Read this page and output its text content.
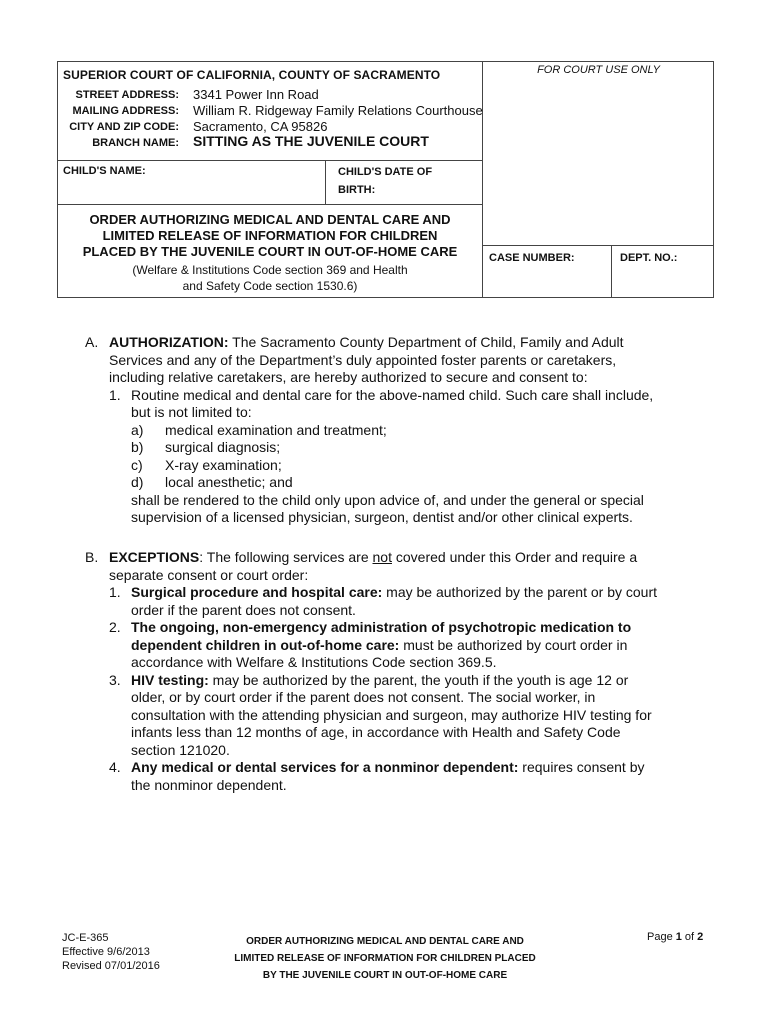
SUPERIOR COURT OF CALIFORNIA, COUNTY OF SACRAMENTO	FOR COURT USE ONLY
STREET ADDRESS: 3341 Power Inn Road
MAILING ADDRESS: William R. Ridgeway Family Relations Courthouse
CITY AND ZIP CODE: Sacramento, CA 95826
BRANCH NAME: SITTING AS THE JUVENILE COURT
CHILD'S NAME:	CHILD'S DATE OF
BIRTH:
ORDER AUTHORIZING MEDICAL AND DENTAL CARE AND
LIMITED RELEASE OF INFORMATION FOR CHILDREN
PLACED BY THE JUVENILE COURT IN OUT-OF-HOME CARE
(Welfare & Institutions Code section 369 and Health
and Safety Code section 1530.6)
CASE NUMBER:	DEPT. NO.:

A. AUTHORIZATION: The Sacramento County Department of Child, Family and Adult

Services and any of the Department’s duly appointed foster parents or caretakers,

including relative caretakers, are hereby authorized to secure and consent to:

1. Routine medical and dental care for the above-named child. Such care shall include,

but is not limited to:

a) medical examination and treatment;

b) surgical diagnosis;

c) X-ray examination;

d) local anesthetic; and

shall be rendered to the child only upon advice of, and under the general or special

supervision of a licensed physician, surgeon, dentist and/or other clinical experts.

B. EXCEPTIONS: The following services are not covered under this Order and require a

separate consent or court order:

1. Surgical procedure and hospital care: may be authorized by the parent or by court

order if the parent does not consent.

2. The ongoing, non-emergency administration of psychotropic medication to

dependent children in out-of-home care: must be authorized by court order in

accordance with Welfare & Institutions Code section 369.5.

3. HIV testing: may be authorized by the parent, the youth if the youth is age 12 or

older, or by court order if the parent does not consent. The social worker, in

consultation with the attending physician and surgeon, may authorize HIV testing for

infants less than 12 months of age, in accordance with Health and Safety Code

section 121020.

4. Any medical or dental services for a nonminor dependent: requires consent by

the nonminor dependent.

JC-E-365
Effective 9/6/2013
Revised 07/01/2016
ORDER AUTHORIZING MEDICAL AND DENTAL CARE AND
LIMITED RELEASE OF INFORMATION FOR CHILDREN PLACED
BY THE JUVENILE COURT IN OUT-OF-HOME CARE
Page 1 of 2
